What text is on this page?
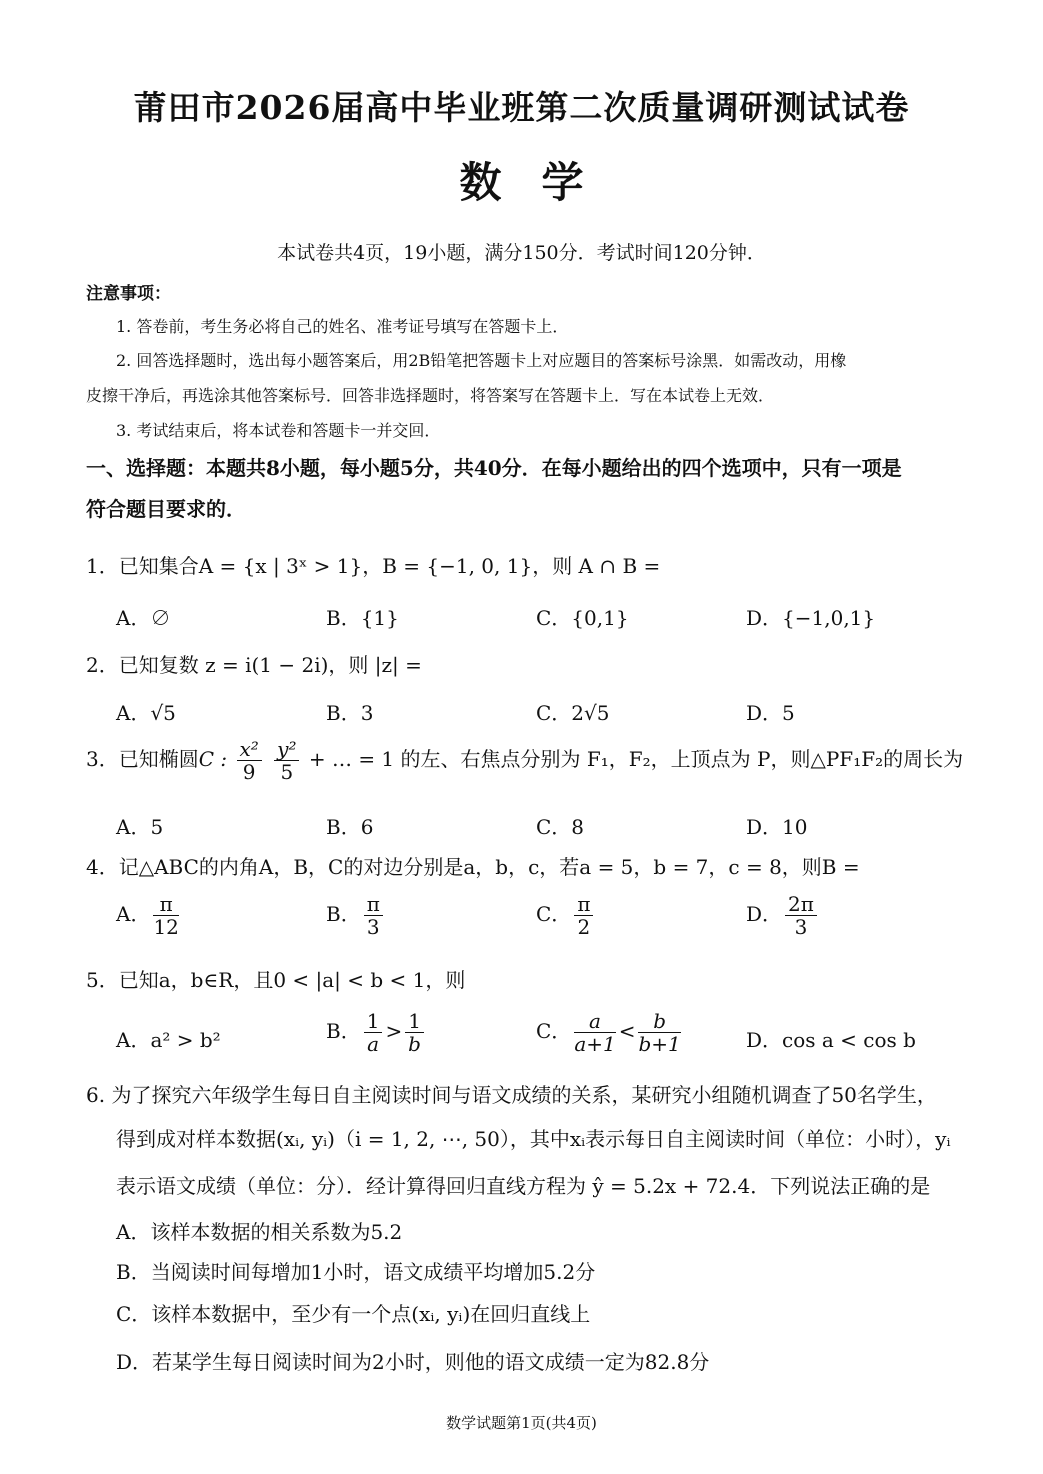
莆田市2026届高中毕业班第二次质量调研测试试卷
数学
本试卷共4页，19小题，满分150分．考试时间120分钟．
注意事项：
1. 答卷前，考生务必将自己的姓名、准考证号填写在答题卡上．
2. 回答选择题时，选出每小题答案后，用2B铅笔把答题卡上对应题目的答案标号涂黑．如需改动，用橡
皮擦干净后，再选涂其他答案标号．回答非选择题时，将答案写在答题卡上．写在本试卷上无效．
3. 考试结束后，将本试卷和答题卡一并交回．
一、选择题：本题共8小题，每小题5分，共40分．在每小题给出的四个选项中，只有一项是
符合题目要求的．
1．已知集合A = {x | 3ˣ > 1}，B = {−1, 0, 1}，则 A ∩ B =
A．∅	B．{1}	C．{0,1}	D．{−1,0,1}
2．已知复数 z = i(1 − 2i)，则 |z| =
A．√5	B．3	C．2√5	D．5
3．已知椭圆C : $\frac{\text{x²}}{9}$
$\frac{\text{y²}}{5}$ + … = 1 的左、右焦点分别为 F₁，F₂，上顶点为 P，则△PF₁F₂的周长为
A．5	B．6	C．8	D．10
4．记△ABC的内角A，B，C的对边分别是a，b，c，若a = 5，b = 7，c = 8，则B =
A． $\frac{\pi}{12}$	B． $\frac{\pi}{3}$	C． $\frac{\pi}{2}$	D． $\frac{2\pi}{3}$
5．已知a，b∈R，且0 < |a| < b < 1，则
A．a² > b²	B． $\frac{1}{a} > \frac{1}{b}$	C． $\frac{a}{a+1} < \frac{b}{b+1}$	D．cos a < cos b
6. 为了探究六年级学生每日自主阅读时间与语文成绩的关系，某研究小组随机调查了50名学生，
得到成对样本数据(xᵢ, yᵢ)（i = 1, 2, ⋯, 50），其中xᵢ表示每日自主阅读时间（单位：小时），yᵢ
表示语文成绩（单位：分）．经计算得回归直线方程为 ŷ = 5.2x + 72.4．下列说法正确的是
A．该样本数据的相关系数为5.2
B．当阅读时间每增加1小时，语文成绩平均增加5.2分
C．该样本数据中，至少有一个点(xᵢ, yᵢ)在回归直线上
D．若某学生每日阅读时间为2小时，则他的语文成绩一定为82.8分
数学试题第1页(共4页)
